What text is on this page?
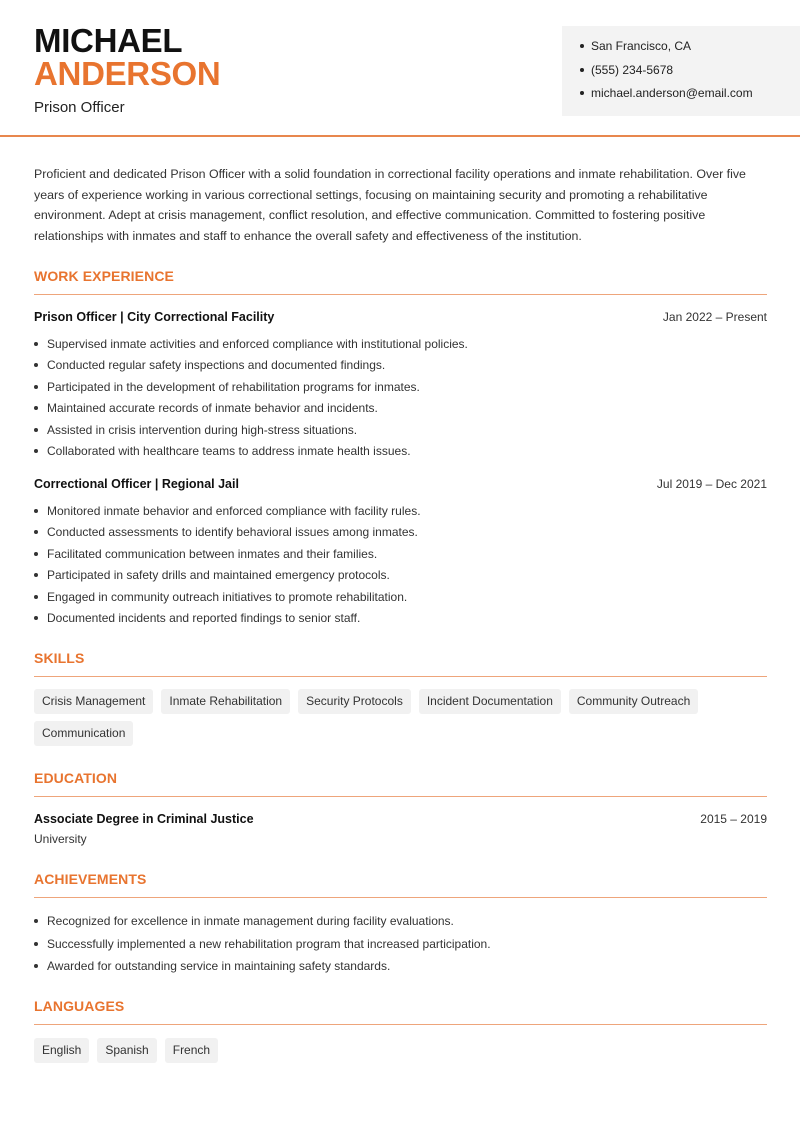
MICHAEL
ANDERSON
Prison Officer
San Francisco, CA
(555) 234-5678
michael.anderson@email.com

Proficient and dedicated Prison Officer with a solid foundation in correctional facility operations and inmate rehabilitation. Over five years of experience working in various correctional settings, focusing on maintaining security and promoting a rehabilitative environment. Adept at crisis management, conflict resolution, and effective communication. Committed to fostering positive relationships with inmates and staff to enhance the overall safety and effectiveness of the institution.

WORK EXPERIENCE
Prison Officer | City Correctional Facility	Jan 2022 – Present
Supervised inmate activities and enforced compliance with institutional policies.
Conducted regular safety inspections and documented findings.
Participated in the development of rehabilitation programs for inmates.
Maintained accurate records of inmate behavior and incidents.
Assisted in crisis intervention during high-stress situations.
Collaborated with healthcare teams to address inmate health issues.
Correctional Officer | Regional Jail	Jul 2019 – Dec 2021
Monitored inmate behavior and enforced compliance with facility rules.
Conducted assessments to identify behavioral issues among inmates.
Facilitated communication between inmates and their families.
Participated in safety drills and maintained emergency protocols.
Engaged in community outreach initiatives to promote rehabilitation.
Documented incidents and reported findings to senior staff.
SKILLS
Crisis Management	Inmate Rehabilitation	Security Protocols	Incident Documentation	Community Outreach
Communication
EDUCATION
Associate Degree in Criminal Justice
University
2015 – 2019
ACHIEVEMENTS
Recognized for excellence in inmate management during facility evaluations.
Successfully implemented a new rehabilitation program that increased participation.
Awarded for outstanding service in maintaining safety standards.
LANGUAGES
English	Spanish	French
